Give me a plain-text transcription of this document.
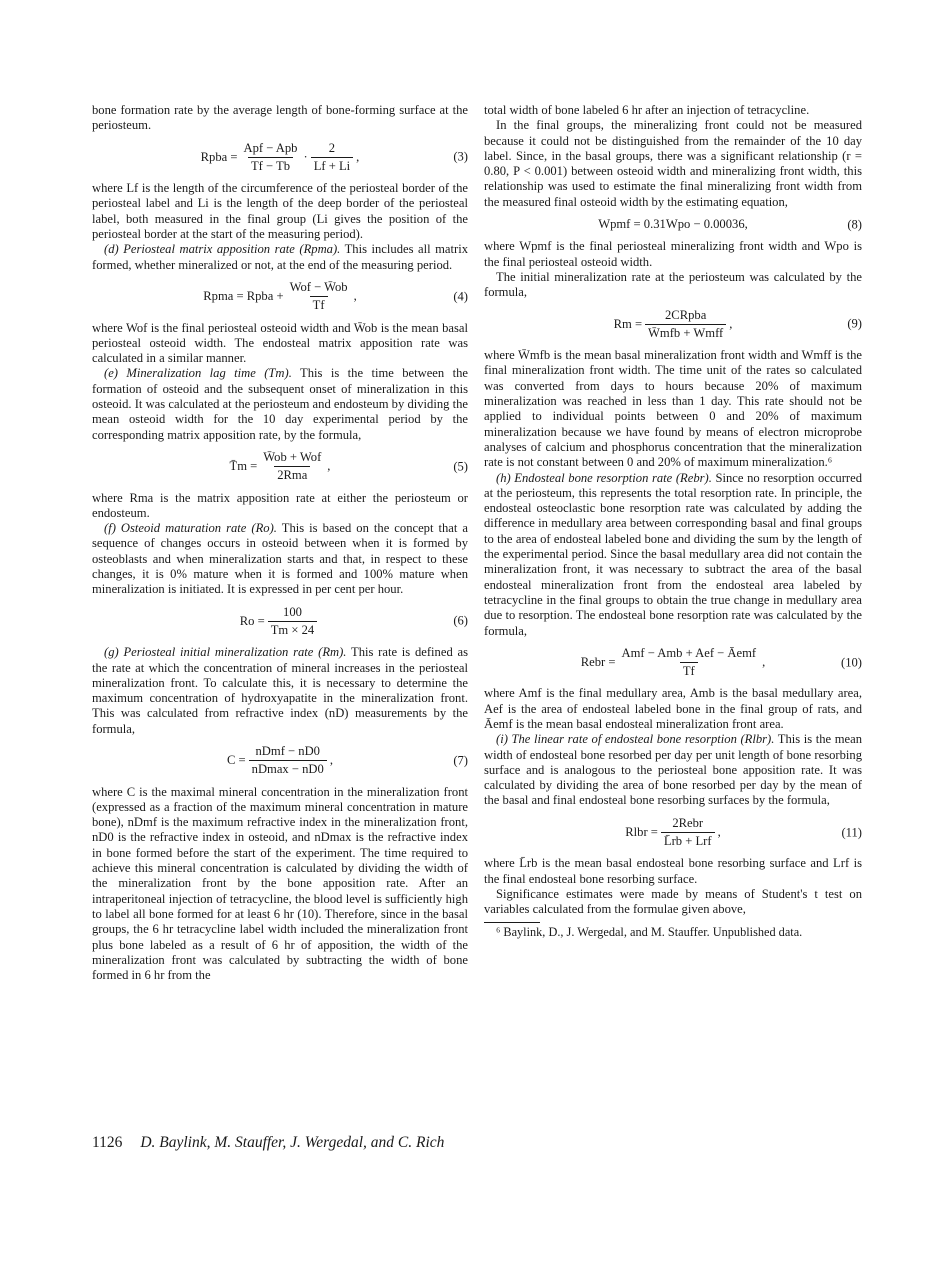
bone formation rate by the average length of bone-forming surface at the periosteum.

Rpba = $\frac{\text{Apf − Apb}}{Tf - Tb} \cdot \frac{2}{Lf + Li}$ ,	(3)

where Lf is the length of the circumference of the periosteal border of the periosteal label and Li is the length of the deep border of the periosteal label, both measured in the final group (Li gives the position of the periosteal border at the start of the measuring period).

(d) Periosteal matrix apposition rate (Rpma). This includes all matrix formed, whether mineralized or not, at the end of the measuring period.

Rpma = Rpba + $\frac{\text{Wof − W̄ob}}{Tf}$ ,	(4)

where Wof is the final periosteal osteoid width and W̄ob is the mean basal periosteal osteoid width. The endosteal matrix apposition rate was calculated in a similar manner.

(e) Mineralization lag time (Tm). This is the time between the formation of osteoid and the subsequent onset of mineralization in this osteoid. It was calculated at the periosteum and endosteum by dividing the mean osteoid width for the 10 day experimental period by the corresponding matrix apposition rate, by the formula,

T̄m = $\frac{\text{W̄ob + Wof}}{\text{2Rma}}$ ,	(5)

where Rma is the matrix apposition rate at either the periosteum or endosteum.

(f) Osteoid maturation rate (Ro). This is based on the concept that a sequence of changes occurs in osteoid between when it is formed by osteoblasts and when mineralization starts and that, in respect to these changes, it is 0% mature when it is formed and 100% mature when mineralization is initiated. It is expressed in per cent per hour.

$Ro = \frac{100}{Tm \times 24}$	(6)

(g) Periosteal initial mineralization rate (Rm). This rate is defined as the rate at which the concentration of mineral increases in the periosteal mineralization front. To calculate this, it is necessary to determine the maximum concentration of hydroxyapatite in the mineralization front. This was calculated from refractive index (nD) measurements by the formula,

$C = \frac{\text{nDmf − nD0}}{nDmax - nD0}$ ,	(7)

where C is the maximal mineral concentration in the mineralization front (expressed as a fraction of the maximum mineral concentration in mature bone), nDmf is the maximum refractive index in the mineralization front, nD0 is the refractive index in osteoid, and nDmax is the refractive index in bone formed before the start of the experiment. The time required to achieve this mineral concentration is calculated by dividing the width of the mineralization front by the bone apposition rate. After an intraperitoneal injection of tetracycline, the blood level is sufficiently high to label all bone formed for at least 6 hr (10). Therefore, since in the basal groups, the 6 hr tetracycline label width included the mineralization front plus bone labeled as a result of 6 hr of apposition, the width of the mineralization front was calculated by subtracting the width of bone formed in 6 hr from the

total width of bone labeled 6 hr after an injection of tetracycline.

In the final groups, the mineralizing front could not be measured because it could not be distinguished from the remainder of the 10 day label. Since, in the basal groups, there was a significant relationship (r = 0.80, P < 0.001) between osteoid width and mineralizing front width, this relationship was used to estimate the final mineralizing front width from the measured final osteoid width by the estimating equation,

Wpmf = 0.31Wpo − 0.00036,	(8)

where Wpmf is the final periosteal mineralizing front width and Wpo is the final periosteal osteoid width.

The initial mineralization rate at the periosteum was calculated by the formula,

$Rm = \frac{\text{2CRpba}}{\text{W̄mfb + Wmff}}$ ,	(9)

where W̄mfb is the mean basal mineralization front width and Wmff is the final mineralization front width. The time unit of the rates so calculated was converted from days to hours because 20% of maximum mineralization was reached in less than 1 day. This rate should not be applied to individual points between 0 and 20% of maximum mineralization because we have found by means of electron microprobe analyses of calcium and phosphorus concentration that the mineralization rate is not constant between 0 and 20% of maximum mineralization.⁶

(h) Endosteal bone resorption rate (Rebr). Since no resorption occurred at the periosteum, this represents the total resorption rate. In principle, the endosteal osteoclastic bone resorption rate was calculated by adding the difference in medullary area between corresponding basal and final groups to the area of endosteal labeled bone and dividing the sum by the length of the experimental period. Since the basal medullary area did not contain the mineralization front, it was necessary to subtract the area of the basal endosteal mineralization front from the endosteal area labeled by tetracycline in the final groups to obtain the true change in medullary area due to resorption. The endosteal bone resorption rate was calculated by the formula,

Rebr = $\frac{\text{Amf − Amb + Aef − Āemf}}{Tf}$ ,	(10)

where Amf is the final medullary area, Amb is the basal medullary area, Aef is the area of endosteal labeled bone in the final group of rats, and Āemf is the mean basal endosteal mineralization front area.

(i) The linear rate of endosteal bone resorption (Rlbr). This is the mean width of endosteal bone resorbed per day per unit length of bone resorbing surface and is analogous to the periosteal bone apposition rate. It was calculated by dividing the area of bone resorbed per day by the mean of the basal and final endosteal bone resorbing surfaces by the formula,

Rlbr = $\frac{\text{2Rebr}}{\text{L̄rb + Lrf}}$ ,	(11)

where L̄rb is the mean basal endosteal bone resorbing surface and Lrf is the final endosteal bone resorbing surface.

Significance estimates were made by means of Student's t test on variables calculated from the formulae given above,

⁶ Baylink, D., J. Wergedal, and M. Stauffer. Unpublished data.

1126 D. Baylink, M. Stauffer, J. Wergedal, and C. Rich
